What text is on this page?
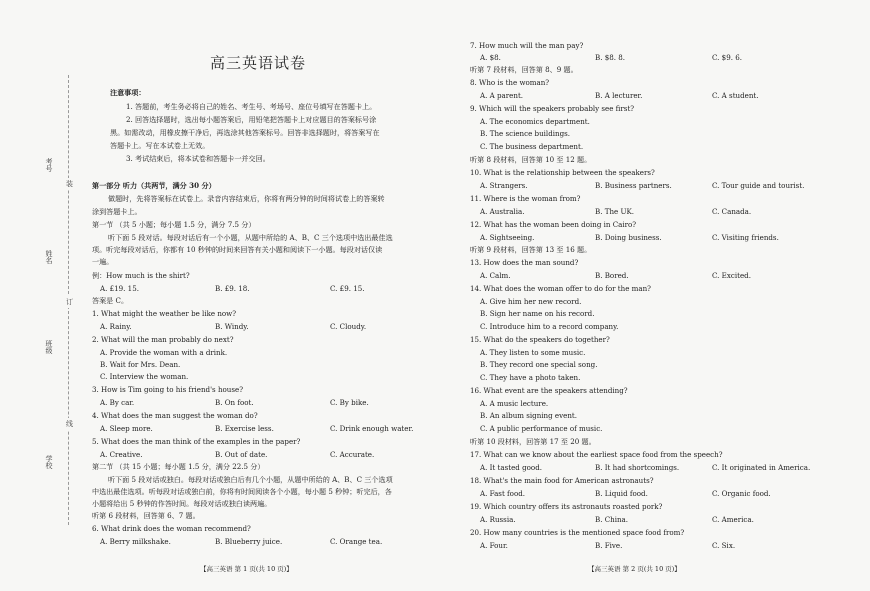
考号
姓名
班级
学校
装
订
线
高三英语试卷
注意事项：
1. 答题前，考生务必将自己的姓名、考生号、考场号、座位号填写在答题卡上。
2. 回答选择题时，选出每小题答案后，用铅笔把答题卡上对应题目的答案标号涂
黑。如需改动，用橡皮擦干净后，再选涂其他答案标号。回答非选择题时，将答案写在
答题卡上。写在本试卷上无效。
3. 考试结束后，将本试卷和答题卡一并交回。
第一部分 听力（共两节，满分 30 分）
做题时，先将答案标在试卷上。录音内容结束后，你将有两分钟的时间将试卷上的答案转
涂到答题卡上。
第一节 （共 5 小题；每小题 1.5 分，满分 7.5 分）
听下面 5 段对话。每段对话后有一个小题，从题中所给的 A、B、C 三个选项中选出最佳选
项。听完每段对话后，你都有 10 秒钟的时间来回答有关小题和阅读下一小题。每段对话仅读
一遍。
例：How much is the shirt?
A. £19. 15.	B. £9. 18.	C. £9. 15.
答案是 C。
1. What might the weather be like now?
A. Rainy.	B. Windy.	C. Cloudy.
2. What will the man probably do next?
A. Provide the woman with a drink.
B. Wait for Mrs. Dean.
C. Interview the woman.
3. How is Tim going to his friend's house?
A. By car.	B. On foot.	C. By bike.
4. What does the man suggest the woman do?
A. Sleep more.	B. Exercise less.	C. Drink enough water.
5. What does the man think of the examples in the paper?
A. Creative.	B. Out of date.	C. Accurate.
第二节 （共 15 小题；每小题 1.5 分，满分 22.5 分）
听下面 5 段对话或独白。每段对话或独白后有几个小题，从题中所给的 A、B、C 三个选项
中选出最佳选项。听每段对话或独白前，你将有时间阅读各个小题，每小题 5 秒钟；听完后，各
小题将给出 5 秒钟的作答时间。每段对话或独白读两遍。
听第 6 段材料，回答第 6、7 题。
6. What drink does the woman recommend?
A. Berry milkshake.	B. Blueberry juice.	C. Orange tea.
【高三英语 第 1 页(共 10 页)】
7. How much will the man pay?
A. $8.	B. $8. 8.	C. $9. 6.
听第 7 段材料，回答第 8、9 题。
8. Who is the woman?
A. A parent.	B. A lecturer.	C. A student.
9. Which will the speakers probably see first?
A. The economics department.
B. The science buildings.
C. The business department.
听第 8 段材料，回答第 10 至 12 题。
10. What is the relationship between the speakers?
A. Strangers.	B. Business partners.	C. Tour guide and tourist.
11. Where is the woman from?
A. Australia.	B. The UK.	C. Canada.
12. What has the woman been doing in Cairo?
A. Sightseeing.	B. Doing business.	C. Visiting friends.
听第 9 段材料，回答第 13 至 16 题。
13. How does the man sound?
A. Calm.	B. Bored.	C. Excited.
14. What does the woman offer to do for the man?
A. Give him her new record.
B. Sign her name on his record.
C. Introduce him to a record company.
15. What do the speakers do together?
A. They listen to some music.
B. They record one special song.
C. They have a photo taken.
16. What event are the speakers attending?
A. A music lecture.
B. An album signing event.
C. A public performance of music.
听第 10 段材料，回答第 17 至 20 题。
17. What can we know about the earliest space food from the speech?
A. It tasted good.	B. It had shortcomings.	C. It originated in America.
18. What's the main food for American astronauts?
A. Fast food.	B. Liquid food.	C. Organic food.
19. Which country offers its astronauts roasted pork?
A. Russia.	B. China.	C. America.
20. How many countries is the mentioned space food from?
A. Four.	B. Five.	C. Six.
【高三英语 第 2 页(共 10 页)】
